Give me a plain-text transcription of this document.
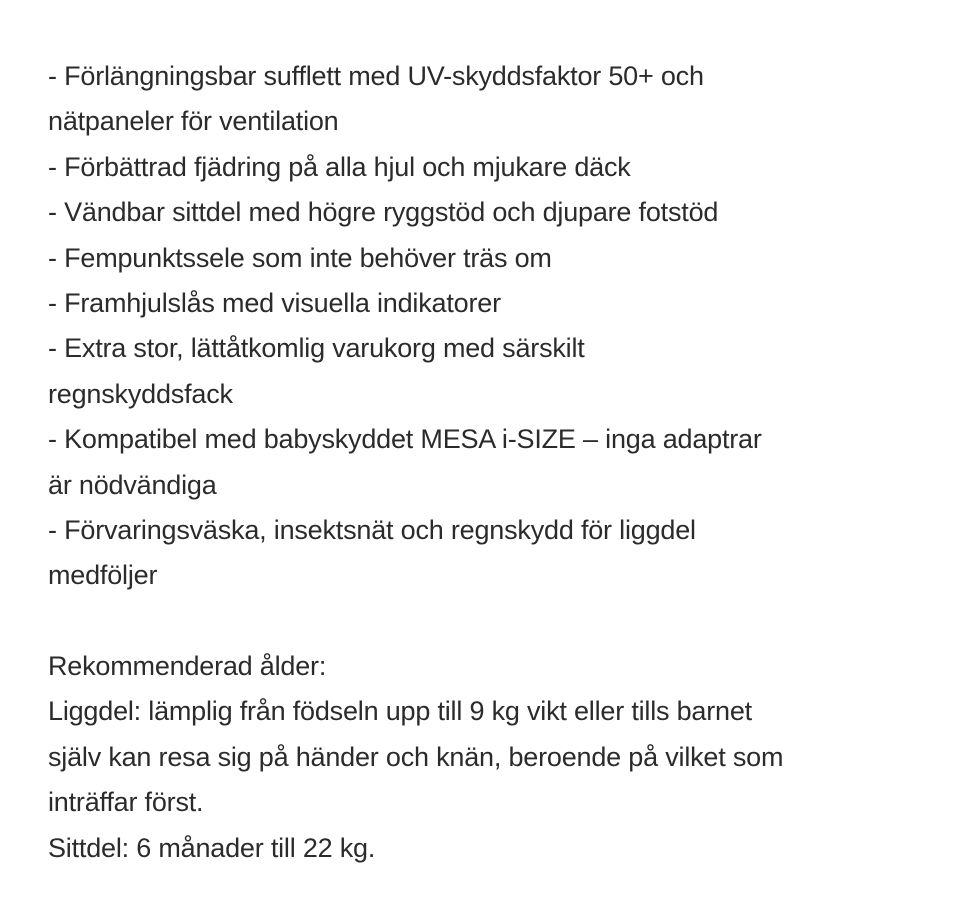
- Förlängningsbar sufflett med UV-skyddsfaktor 50+ och
nätpaneler för ventilation
- Förbättrad fjädring på alla hjul och mjukare däck
- Vändbar sittdel med högre ryggstöd och djupare fotstöd
- Fempunktssele som inte behöver träs om
- Framhjulslås med visuella indikatorer
- Extra stor, lättåtkomlig varukorg med särskilt
regnskyddsfack
- Kompatibel med babyskyddet MESA i-SIZE – inga adaptrar
är nödvändiga
- Förvaringsväska, insektsnät och regnskydd för liggdel
medföljer
Rekommenderad ålder:
Liggdel: lämplig från födseln upp till 9 kg vikt eller tills barnet
själv kan resa sig på händer och knän, beroende på vilket som
inträffar först.
Sittdel: 6 månader till 22 kg.
